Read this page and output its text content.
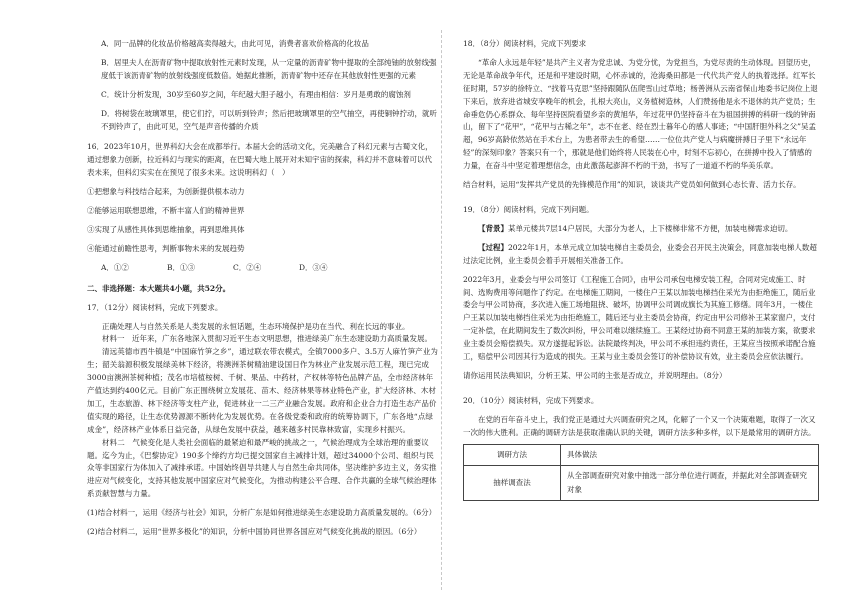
A．同一品牌的化妆品价格越高卖得越大，由此可见，消费者喜欢价格高的化妆品

B．居里夫人在沥青矿物中提取放射性元素时发现，从一定量的沥青矿物中提取的全部纯铀的放射线强度低于该沥青矿物的放射线强度低数倍。她据此推断，沥青矿物中还存在其他放射性更强的元素

C．统计分析发现，30岁至60岁之间，年纪越大胆子越小，有理由相信：岁月是勇敢的腐蚀剂

D．将树袋在玻璃罩里，使它们拧，可以听到铃声；然后把玻璃罩里的空气抽空，再使铜钟拧动，就听不到铃声了，由此可见，空气是声音传播的介质

16．2023年10月，世界科幻大会在成都举行。本届大会的活动文化，完美融合了科幻元素与古蜀文化，通过想象力创新，拉近科幻与现实的距离，在巴蜀大地上展开对未知宇宙的探索，科幻并不意味着可以代表未来，但科幻实实在在预见了很多未来。这说明科幻（　）

①把想象与科技结合起来，为创新提供根本动力

②能够运用联想思维，不断丰富人们的精神世界

③实现了从感性具体到思维抽象，再到思维具体

④能通过前瞻性思考，判断事物未来的发展趋势

A．①②	B．①③	C．②④	D．③④

二、非选择题：本大题共4小题，共52分。

17．（12分）阅读材料，完成下列要求。

正确处理人与自然关系是人类发展的永恒话题，生态环境保护是功在当代、利在长远的事业。

材料一　近年来，广东各地深入贯彻习近平生态文明思想，推进绿美广东生态建设助力高质量发展。

清远英德市西牛镇是“中国麻竹笋之乡”，通过联农带农模式，全镇7000多户、3.5万人麻竹笋产业为生；韶关翁源积极发展绿美林下经济，将澳洲茶树精油建设国日作为林业产业发展示范工程，现已完成3000亩澳洲茶树种植；茂名市培植桉树、千树、果品、中药材，产权林等特色品牌产品，全市经济林年产值达到约400亿元。目前广东正围绕树立发展花、苗木、经济林果等林业特色产业，扩大经济林、木材加工，生态旅游、林下经济等支柱产业，促进林业一二三产业融合发展。政府和企业合力打造生态产品价值实现的路径，让生态优势源源不断转化为发展优势。在各级党委和政府的统筹协调下，广东各地“点绿成金”，经济林产业体系日益完备，从绿色发展中获益，越来越多村民靠林致富，实现乡村振兴。

材料二　气候变化是人类社会面临的最紧迫和最严峻的挑战之一，气候治理成为全球治理的重要议题。迄今为止，《巴黎协定》190多个缔约方均已提交国家自主减排计划，超过34000个公司、组织与民众等非国家行为体加入了减排承诺。中国始终倡导共建人与自然生命共同体，坚决维护多边主义，务实推进应对气候变化，支持其他发展中国家应对气候变化，为推动构建公平合理、合作共赢的全球气候治理体系贡献智慧与力量。

(1)结合材料一，运用《经济与社会》知识，分析广东是如何推进绿美生态建设助力高质量发展的。（6分）

(2)结合材料二，运用“世界多极化”的知识，分析中国协同世界各国应对气候变化挑战的原因。（6分）

18．（8分）阅读材料，完成下列要求

“革命人永远是年轻”是共产主义者为党忠诚、为党分忧，为党担当，为党尽责的生动体现。回望历史，无论是革命战争年代，还是和平建设时期，心怀赤诚的，沧海桑田都是一代代共产党人的执着选择。红军长征时期，57岁的徐特立、“找着马克思”坚持跟随队伍爬雪山过草地；杨善洲从云南省保山地委书记岗位上退下来后，放弃进省城安享晚年的机会，扎根大亮山，义务植树造林，人们赞扬他是永不退休的共产党员；生命垂危仍心系群众、每年坚持医院看望乡亲的黄旭华，年过花甲仍坚持奋斗在为祖国拼搏的科研一线的钟南山，留下了“花甲”，“花甲与古稀之年”，志不在老、经在烈士暮年心的感人事迹；“中国肝胆外科之父”吴孟超，96岁高龄依然站在手术台上，为患者带去生的希望……一位位共产党人与病魔拼搏日子里下“永远年轻”的深刻印象？答案只有一个，那就是他们始终将人民装在心中，时刻不忘初心，在拼搏中投入了情感的力量，在奋斗中坚定着理想信念，由此激荡起澎湃不朽的干劲，书写了一道道不朽的华美乐章。

结合材料，运用“发挥共产党员的先锋模范作用”的知识，谈谈共产党员如何做到心态长青、活力长存。

19．（8分）阅读材料，完成下列问题。

【背景】某单元楼共7层14户居民，大部分为老人，上下楼梯非常不方便，加装电梯需求迫切。

【过程】2022年1月，本单元成立加装电梯自主委员会，业委会召开民主决策会，同意加装电梯人数超过法定比例，业主委员会着手开展相关准备工作。

2022年3月，业委会与甲公司签订《工程施工合同》，由甲公司承包电梯安装工程，合同对完成施工、时间、选购费用等问题作了约定。在电梯施工期间，一楼住户王某以加装电梯挡住采光为由拒绝施工，随后业委会与甲公司协商，多次进入施工场地阻挠、破坏，协调甲公司调成旗长为其施工修缮。同年3月，一楼住户王某以加装电梯挡住采光为由拒绝施工，随后还与业主委员会协商，约定由甲公司修补王某家窗户，支付一定补偿，在此期间发生了数次纠纷，甲公司难以继续施工。王某经过协商不同意王某的加装方案，欲要求业主委员会赔偿损失。双方遂提起诉讼。法院最终判决，甲公司不承担违约责任，王某应当按照承诺配合施工，赔偿甲公司因其行为造成的损失。王某与业主委员会签订的补偿协议有效，业主委员会应依法履行。

请你运用民法典知识，分析王某、甲公司的主张是否成立，并说明理由。（8分）

20．（10分）阅读材料，完成下列要求。

在党的百年奋斗史上，我们党正是通过大兴调查研究之风，化解了一个又一个决策难题，取得了一次又一次的伟大胜利。正确的调研方法是获取准确认识的关键，调研方法多种多样，以下是最常用的调研方法。

调研方法	具体做法
抽样调查法	从全部调查研究对象中抽选一部分单位进行调查，并据此对全部调查研究对象
